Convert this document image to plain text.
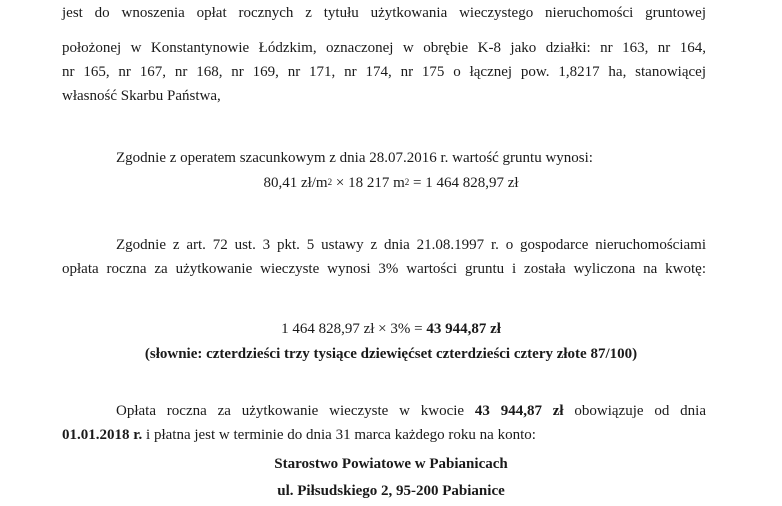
jest do wnoszenia opłat rocznych z tytułu użytkowania wieczystego nieruchomości gruntowej
położonej w Konstantynowie Łódzkim, oznaczonej w obrębie K-8 jako działki: nr 163, nr 164,
nr 165, nr 167, nr 168, nr 169, nr 171, nr 174, nr 175 o łącznej pow. 1,8217 ha, stanowiącej
własność Skarbu Państwa,
Zgodnie z operatem szacunkowym z dnia 28.07.2016 r. wartość gruntu wynosi:
80,41 $zł/m^2 \times 18$ 217 $m^2 = 1$ 464 828,97 zł
Zgodnie z art. 72 ust. 3 pkt. 5 ustawy z dnia 21.08.1997 r. o gospodarce nieruchomościami
opłata roczna za użytkowanie wieczyste wynosi 3% wartości gruntu i została wyliczona na kwotę:
1 464 828,97 zł × 3% = 43 944,87 zł
(słownie: czterdzieści trzy tysiące dziewięćset czterdzieści cztery złote 87/100)
Opłata roczna za użytkowanie wieczyste w kwocie 43 944,87 zł obowiązuje od dnia
01.01.2018 r. i płatna jest w terminie do dnia 31 marca każdego roku na konto:
Starostwo Powiatowe w Pabianicach
ul. Piłsudskiego 2, 95-200 Pabianice
